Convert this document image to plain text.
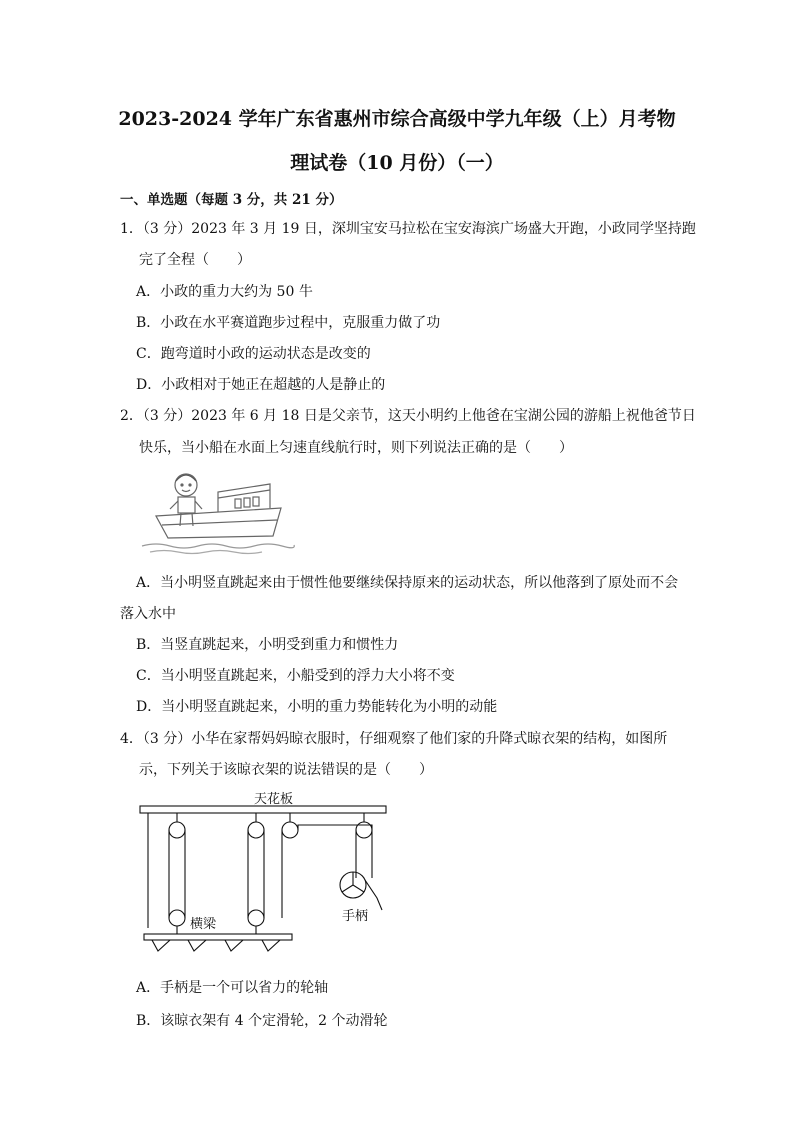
2023-2024 学年广东省惠州市综合高级中学九年级（上）月考物
理试卷（10 月份）（一）
一、单选题（每题 3 分，共 21 分）
1．（3 分）2023 年 3 月 19 日，深圳宝安马拉松在宝安海滨广场盛大开跑，小政同学坚持跑
完了全程（　　）
A．小政的重力大约为 50 牛
B．小政在水平赛道跑步过程中，克服重力做了功
C．跑弯道时小政的运动状态是改变的
D．小政相对于她正在超越的人是静止的
2．（3 分）2023 年 6 月 18 日是父亲节，这天小明约上他爸在宝湖公园的游船上祝他爸节日
快乐，当小船在水面上匀速直线航行时，则下列说法正确的是（　　）
A．当小明竖直跳起来由于惯性他要继续保持原来的运动状态，所以他落到了原处而不会
落入水中
B．当竖直跳起来，小明受到重力和惯性力
C．当小明竖直跳起来，小船受到的浮力大小将不变
D．当小明竖直跳起来，小明的重力势能转化为小明的动能
4．（3 分）小华在家帮妈妈晾衣服时，仔细观察了他们家的升降式晾衣架的结构，如图所
示，下列关于该晾衣架的说法错误的是（　　）
天花板
横梁
手柄
A．手柄是一个可以省力的轮轴
B．该晾衣架有 4 个定滑轮，2 个动滑轮
